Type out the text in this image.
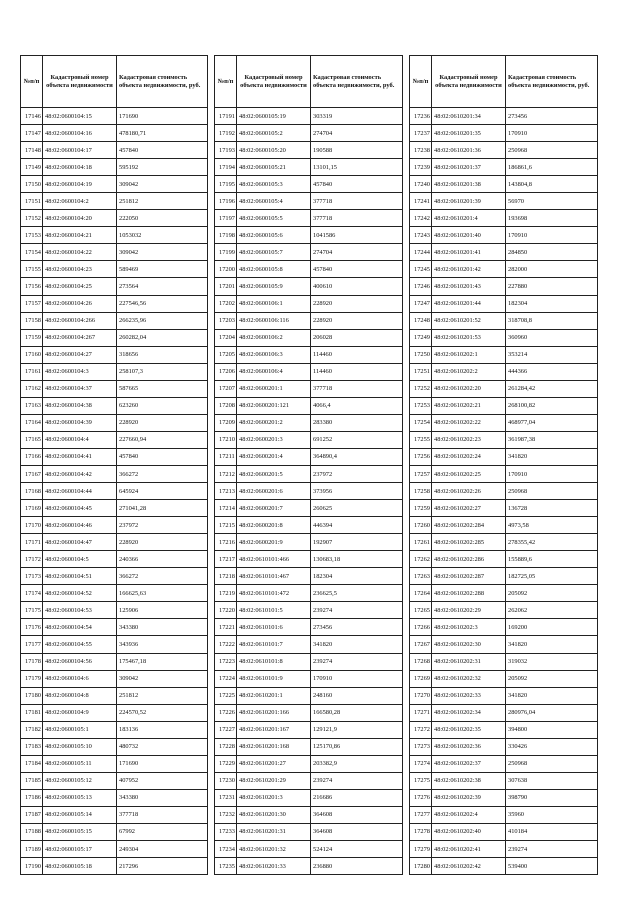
№п/п	Кадастровый номер объекта недвижимости	Кадастровая стоимость объекта недвижимости, руб.
17146	48:02:0600104:15	171690
17147	48:02:0600104:16	478180,71
17148	48:02:0600104:17	457840
17149	48:02:0600104:18	595192
17150	48:02:0600104:19	309042
17151	48:02:0600104:2	251812
17152	48:02:0600104:20	222050
17153	48:02:0600104:21	1053032
17154	48:02:0600104:22	309042
17155	48:02:0600104:23	589469
17156	48:02:0600104:25	273564
17157	48:02:0600104:26	227546,56
17158	48:02:0600104:266	266235,96
17159	48:02:0600104:267	260282,04
17160	48:02:0600104:27	318656
17161	48:02:0600104:3	258107,3
17162	48:02:0600104:37	587665
17163	48:02:0600104:38	623260
17164	48:02:0600104:39	228920
17165	48:02:0600104:4	227660,94
17166	48:02:0600104:41	457840
17167	48:02:0600104:42	366272
17168	48:02:0600104:44	645924
17169	48:02:0600104:45	271041,28
17170	48:02:0600104:46	237972
17171	48:02:0600104:47	228920
17172	48:02:0600104:5	240366
17173	48:02:0600104:51	366272
17174	48:02:0600104:52	166625,63
17175	48:02:0600104:53	125906
17176	48:02:0600104:54	343380
17177	48:02:0600104:55	343936
17178	48:02:0600104:56	175467,18
17179	48:02:0600104:6	309042
17180	48:02:0600104:8	251812
17181	48:02:0600104:9	224570,52
17182	48:02:0600105:1	183136
17183	48:02:0600105:10	480732
17184	48:02:0600105:11	171690
17185	48:02:0600105:12	407952
17186	48:02:0600105:13	343380
17187	48:02:0600105:14	377718
17188	48:02:0600105:15	67992
17189	48:02:0600105:17	249304
17190	48:02:0600105:18	217296
№п/п	Кадастровый номер объекта недвижимости	Кадастровая стоимость объекта недвижимости, руб.
17191	48:02:0600105:19	303319
17192	48:02:0600105:2	274704
17193	48:02:0600105:20	190588
17194	48:02:0600105:21	13101,15
17195	48:02:0600105:3	457840
17196	48:02:0600105:4	377718
17197	48:02:0600105:5	377718
17198	48:02:0600105:6	1041586
17199	48:02:0600105:7	274704
17200	48:02:0600105:8	457840
17201	48:02:0600105:9	400610
17202	48:02:0600106:1	228920
17203	48:02:0600106:116	228920
17204	48:02:0600106:2	206028
17205	48:02:0600106:3	114460
17206	48:02:0600106:4	114460
17207	48:02:0600201:1	377718
17208	48:02:0600201:121	4066,4
17209	48:02:0600201:2	283380
17210	48:02:0600201:3	691252
17211	48:02:0600201:4	364890,4
17212	48:02:0600201:5	237972
17213	48:02:0600201:6	373956
17214	48:02:0600201:7	260625
17215	48:02:0600201:8	446394
17216	48:02:0600201:9	192907
17217	48:02:0610101:466	130683,18
17218	48:02:0610101:467	182304
17219	48:02:0610101:472	236625,5
17220	48:02:0610101:5	239274
17221	48:02:0610101:6	273456
17222	48:02:0610101:7	341820
17223	48:02:0610101:8	239274
17224	48:02:0610101:9	170910
17225	48:02:0610201:1	248160
17226	48:02:0610201:166	166580,28
17227	48:02:0610201:167	129121,9
17228	48:02:0610201:168	125170,86
17229	48:02:0610201:27	203382,9
17230	48:02:0610201:29	239274
17231	48:02:0610201:3	216686
17232	48:02:0610201:30	364608
17233	48:02:0610201:31	364608
17234	48:02:0610201:32	524124
17235	48:02:0610201:33	236880
№п/п	Кадастровый номер объекта недвижимости	Кадастровая стоимость объекта недвижимости, руб.
17236	48:02:0610201:34	273456
17237	48:02:0610201:35	170910
17238	48:02:0610201:36	250968
17239	48:02:0610201:37	186861,6
17240	48:02:0610201:38	143804,8
17241	48:02:0610201:39	56970
17242	48:02:0610201:4	193698
17243	48:02:0610201:40	170910
17244	48:02:0610201:41	284850
17245	48:02:0610201:42	282000
17246	48:02:0610201:43	227880
17247	48:02:0610201:44	182304
17248	48:02:0610201:52	318708,8
17249	48:02:0610201:53	360960
17250	48:02:0610202:1	353214
17251	48:02:0610202:2	444366
17252	48:02:0610202:20	261284,42
17253	48:02:0610202:21	268100,82
17254	48:02:0610202:22	468977,04
17255	48:02:0610202:23	361987,38
17256	48:02:0610202:24	341820
17257	48:02:0610202:25	170910
17258	48:02:0610202:26	250968
17259	48:02:0610202:27	136728
17260	48:02:0610202:284	4973,58
17261	48:02:0610202:285	278355,42
17262	48:02:0610202:286	155889,6
17263	48:02:0610202:287	182725,05
17264	48:02:0610202:288	205092
17265	48:02:0610202:29	262062
17266	48:02:0610202:3	169200
17267	48:02:0610202:30	341820
17268	48:02:0610202:31	319032
17269	48:02:0610202:32	205092
17270	48:02:0610202:33	341820
17271	48:02:0610202:34	280976,04
17272	48:02:0610202:35	394800
17273	48:02:0610202:36	330426
17274	48:02:0610202:37	250968
17275	48:02:0610202:38	307638
17276	48:02:0610202:39	398790
17277	48:02:0610202:4	35960
17278	48:02:0610202:40	410184
17279	48:02:0610202:41	239274
17280	48:02:0610202:42	539400
